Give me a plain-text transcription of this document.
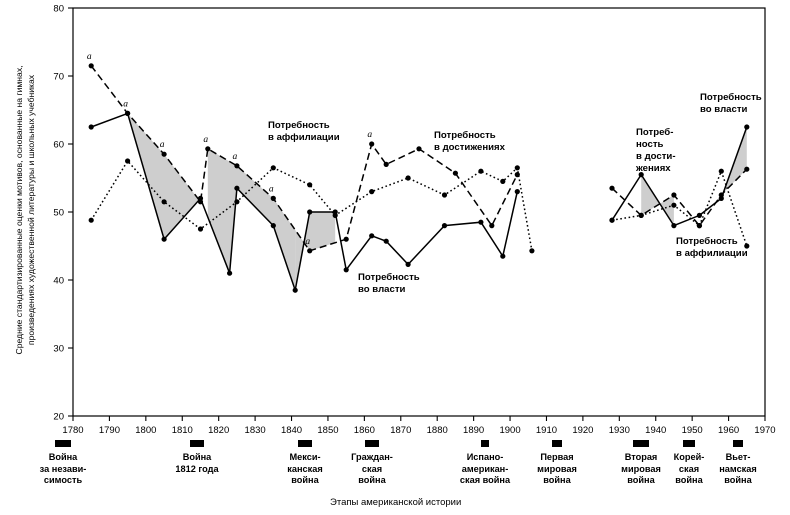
Средние стандартизированные оценки мотивов, основанные на гимнах, произведениях художественной литературы и школьных учебниках
1780 1790 1800 1810 1820 1830 1840 1850 1860 1870 1880 1890 1900 1910 1920 1930 1940 1950 1960 1970
20
30
40
50
60
70
80
a
a
a
a
a
a
a
a
Этапы американской истории
Война
за незави-
симость
Война
1812 года
Мекси-
канская
война
Граждан-
ская
война
Испано-
американ-
ская война
Первая
мировая
война
Вторая
мировая
война
Корей-
ская
война
Вьет-
намская
война
Потребность
в аффилиации	Потребность
в достижениях
Потребность
во власти
Потребность
во власти
Потреб-
ность
в дости-
жениях
Потребность
в аффилиации
